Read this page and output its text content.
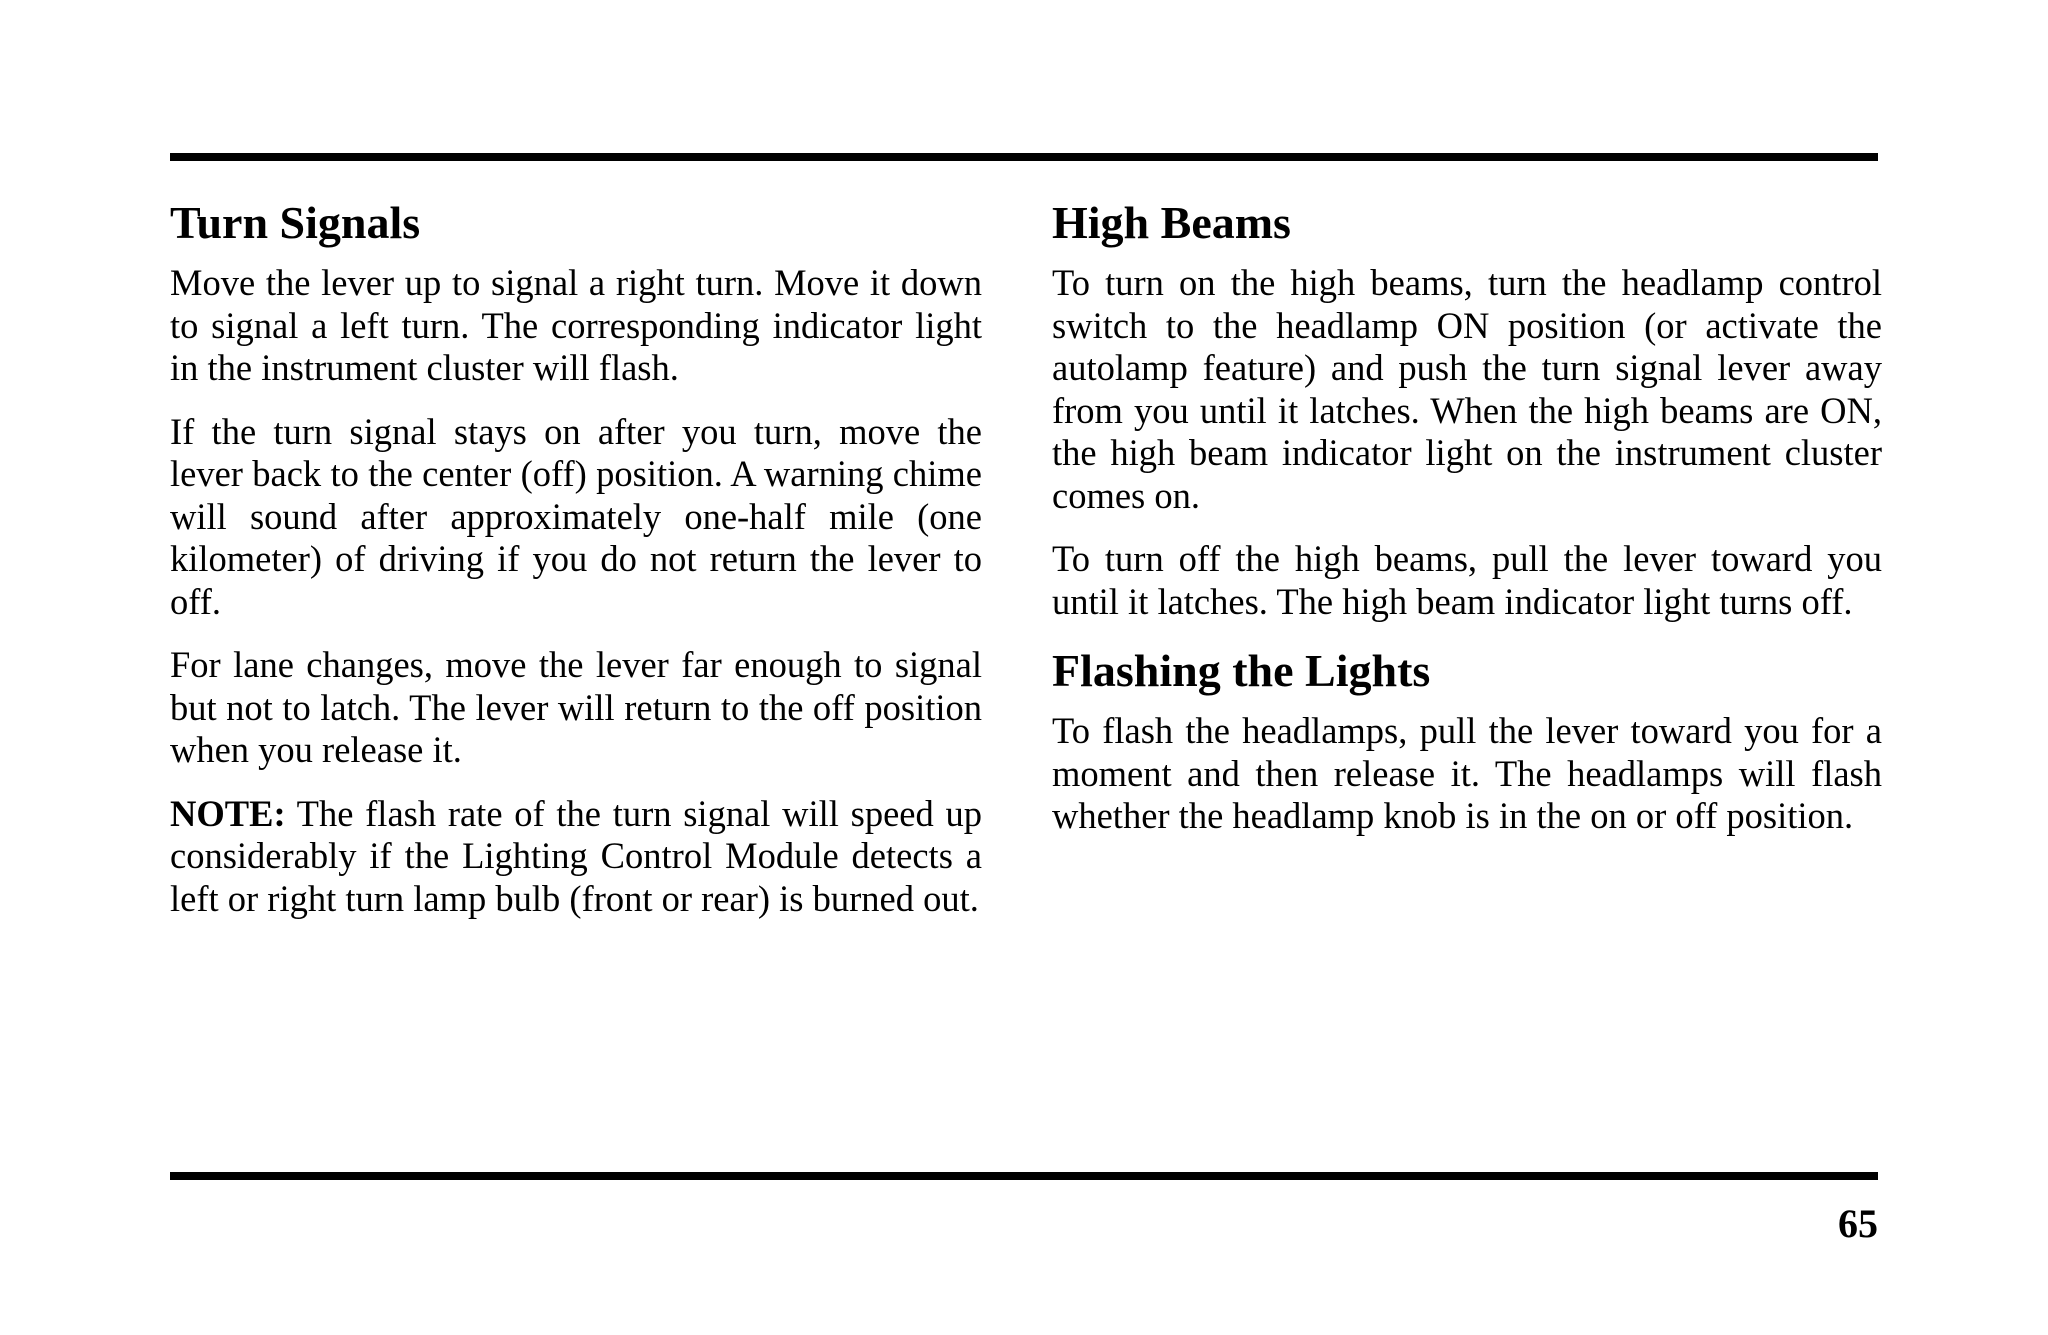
Turn Signals

Move the lever up to signal a right turn. Move it down to signal a left turn. The corresponding indicator light in the instrument cluster will flash.

If the turn signal stays on after you turn, move the lever back to the center (off) position. A warning chime will sound after approximately one-half mile (one kilometer) of driving if you do not return the lever to off.

For lane changes, move the lever far enough to signal but not to latch. The lever will return to the off position when you release it.

NOTE: The flash rate of the turn signal will speed up considerably if the Lighting Control Module detects a left or right turn lamp bulb (front or rear) is burned out.

High Beams

To turn on the high beams, turn the headlamp control switch to the headlamp ON position (or activate the autolamp feature) and push the turn signal lever away from you until it latches. When the high beams are ON, the high beam indicator light on the instrument cluster comes on.

To turn off the high beams, pull the lever toward you until it latches. The high beam indicator light turns off.

Flashing the Lights

To flash the headlamps, pull the lever toward you for a moment and then release it. The headlamps will flash whether the headlamp knob is in the on or off position.

65
